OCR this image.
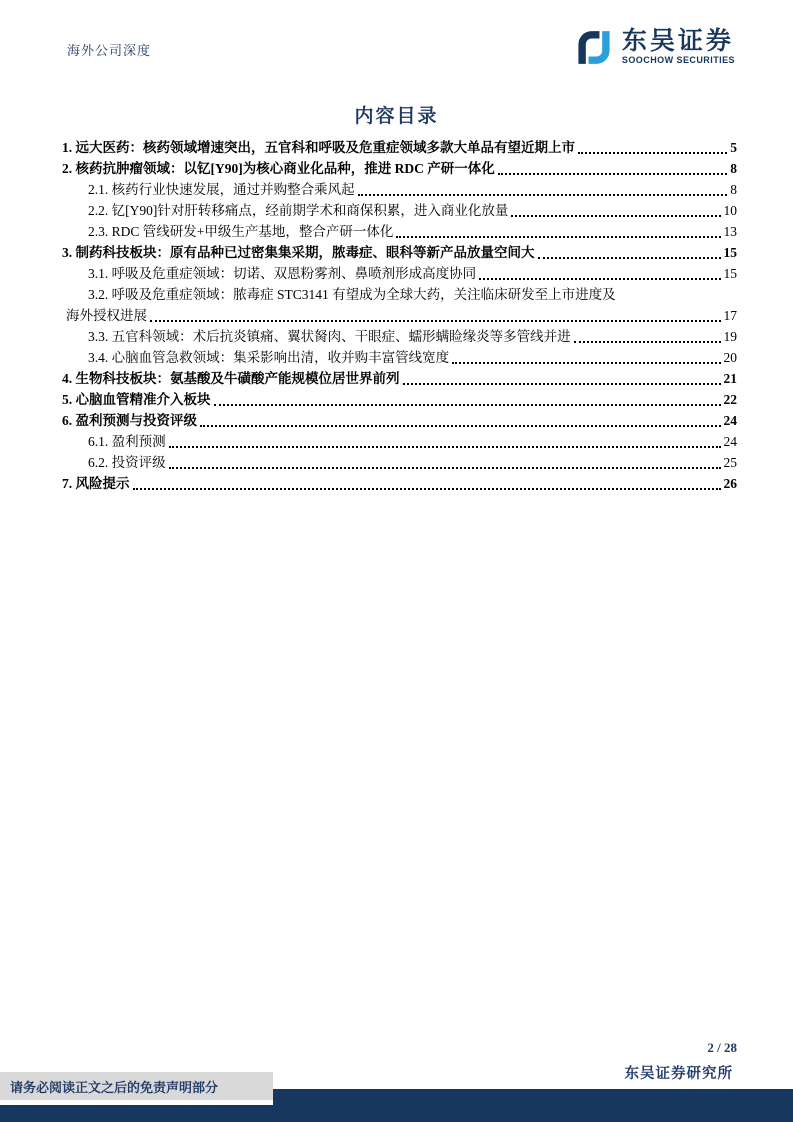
海外公司深度	东吴证券
SOOCHOW SECURITIES
内容目录
1. 远大医药：核药领域增速突出，五官科和呼吸及危重症领域多款大单品有望近期上市	5
2. 核药抗肿瘤领域：以钇[Y90]为核心商业化品种，推进 RDC 产研一体化	8
2.1. 核药行业快速发展，通过并购整合乘风起	8
2.2. 钇[Y90]针对肝转移痛点，经前期学术和商保积累，进入商业化放量	10
2.3. RDC 管线研发+甲级生产基地，整合产研一体化	13
3. 制药科技板块：原有品种已过密集集采期，脓毒症、眼科等新产品放量空间大	15
3.1. 呼吸及危重症领域：切诺、双恩粉雾剂、鼻喷剂形成高度协同	15
3.2. 呼吸及危重症领域：脓毒症 STC3141 有望成为全球大药，关注临床研发至上市进度及
海外授权进展	17
3.3. 五官科领域：术后抗炎镇痛、翼状胬肉、干眼症、蠕形螨睑缘炎等多管线并进	19
3.4. 心脑血管急救领域：集采影响出清，收并购丰富管线宽度	20
4. 生物科技板块：氨基酸及牛磺酸产能规模位居世界前列	21
5. 心脑血管精准介入板块	22
6. 盈利预测与投资评级	24
6.1. 盈利预测	24
6.2. 投资评级	25
7. 风险提示	26
2 / 28
东吴证券研究所
请务必阅读正文之后的免责声明部分
